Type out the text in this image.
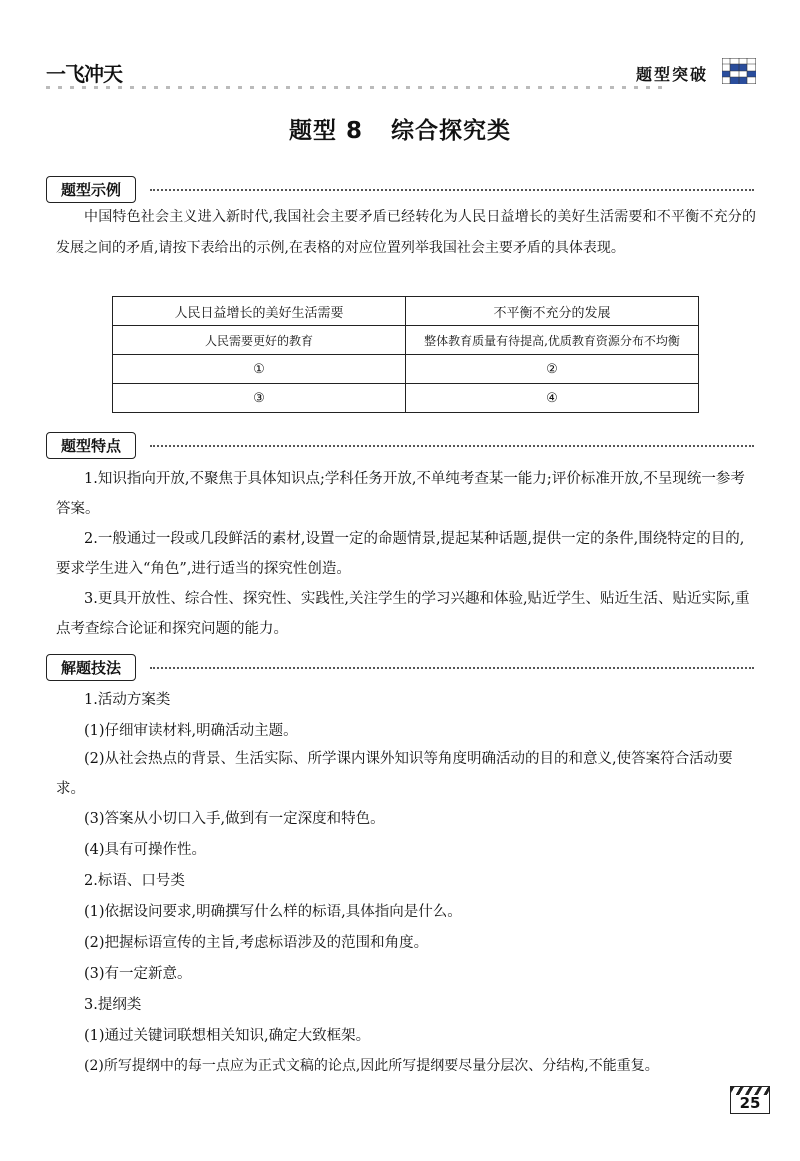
一飞冲天	题型突破
题型 8 综合探究类
题型示例
中国特色社会主义进入新时代,我国社会主要矛盾已经转化为人民日益增长的美好生活需要和不平衡不充分的发展之间的矛盾,请按下表给出的示例,在表格的对应位置列举我国社会主要矛盾的具体表现。
人民日益增长的美好生活需要	不平衡不充分的发展
人民需要更好的教育	整体教育质量有待提高,优质教育资源分布不均衡
①	②
③	④
题型特点
1.知识指向开放,不聚焦于具体知识点;学科任务开放,不单纯考查某一能力;评价标准开放,不呈现统一参考答案。
2.一般通过一段或几段鲜活的素材,设置一定的命题情景,提起某种话题,提供一定的条件,围绕特定的目的,要求学生进入“角色”,进行适当的探究性创造。
3.更具开放性、综合性、探究性、实践性,关注学生的学习兴趣和体验,贴近学生、贴近生活、贴近实际,重点考查综合论证和探究问题的能力。
解题技法
1.活动方案类
(1)仔细审读材料,明确活动主题。
(2)从社会热点的背景、生活实际、所学课内课外知识等角度明确活动的目的和意义,使答案符合活动要求。
(3)答案从小切口入手,做到有一定深度和特色。
(4)具有可操作性。
2.标语、口号类
(1)依据设问要求,明确撰写什么样的标语,具体指向是什么。
(2)把握标语宣传的主旨,考虑标语涉及的范围和角度。
(3)有一定新意。
3.提纲类
(1)通过关键词联想相关知识,确定大致框架。
(2)所写提纲中的每一点应为正式文稿的论点,因此所写提纲要尽量分层次、分结构,不能重复。
25
